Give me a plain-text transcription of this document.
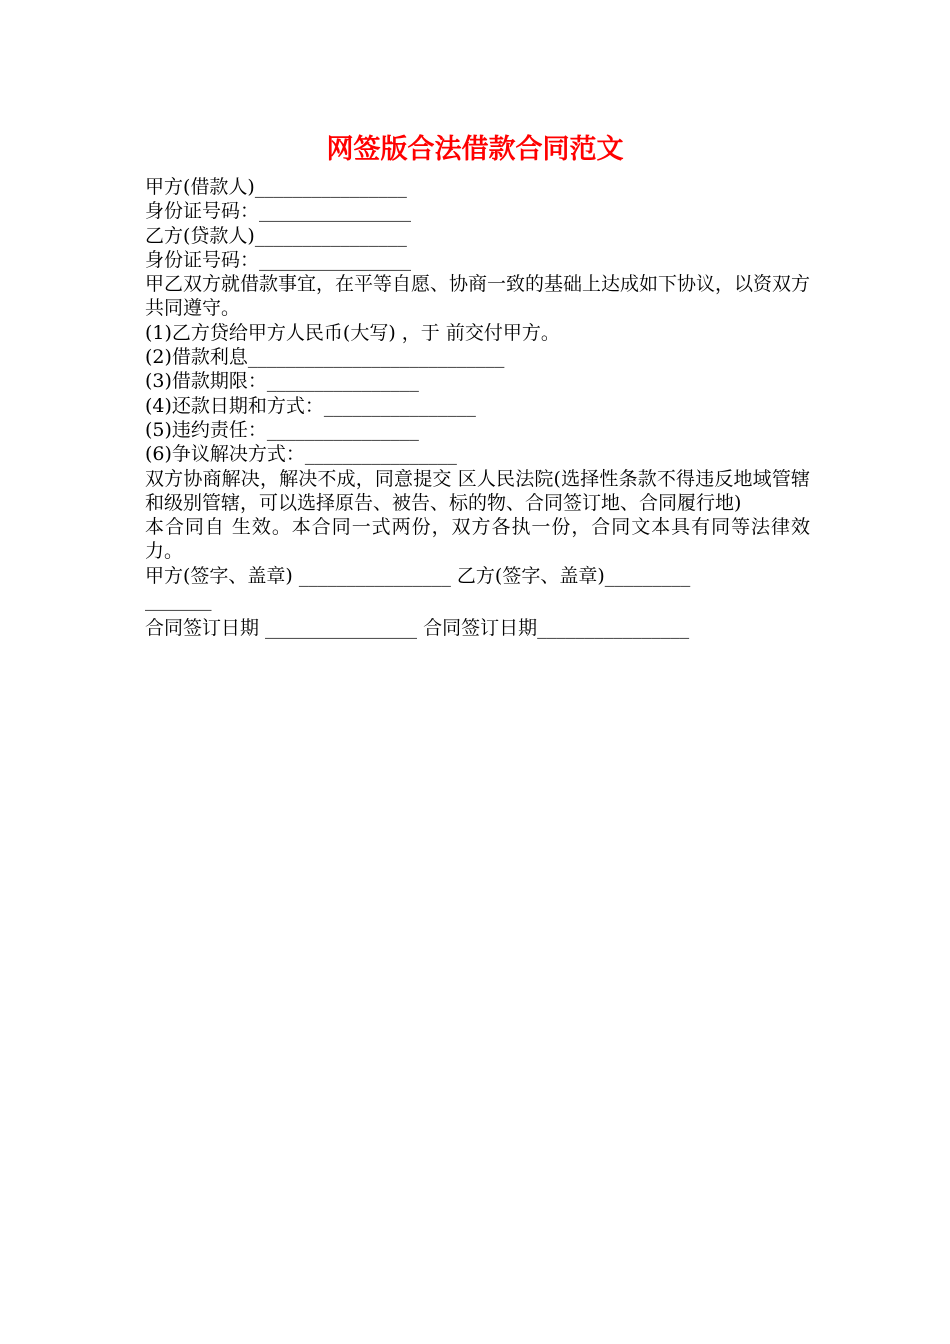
网签版合法借款合同范文
甲方(借款人)________________
身份证号码：________________
乙方(贷款人)________________
身份证号码：________________
甲乙双方就借款事宜，在平等自愿、协商一致的基础上达成如下协议，以资双方共同遵守。
(1)乙方贷给甲方人民币(大写) ，于 前交付甲方。
(2)借款利息___________________________
(3)借款期限：________________
(4)还款日期和方式：________________
(5)违约责任：________________
(6)争议解决方式：________________
双方协商解决，解决不成，同意提交 区人民法院(选择性条款不得违反地域管辖和级别管辖，可以选择原告、被告、标的物、合同签订地、合同履行地)
本合同自 生效。本合同一式两份，双方各执一份，合同文本具有同等法律效力。
甲方(签字、盖章) ________________ 乙方(签字、盖章)_________
_______
合同签订日期 ________________ 合同签订日期________________
